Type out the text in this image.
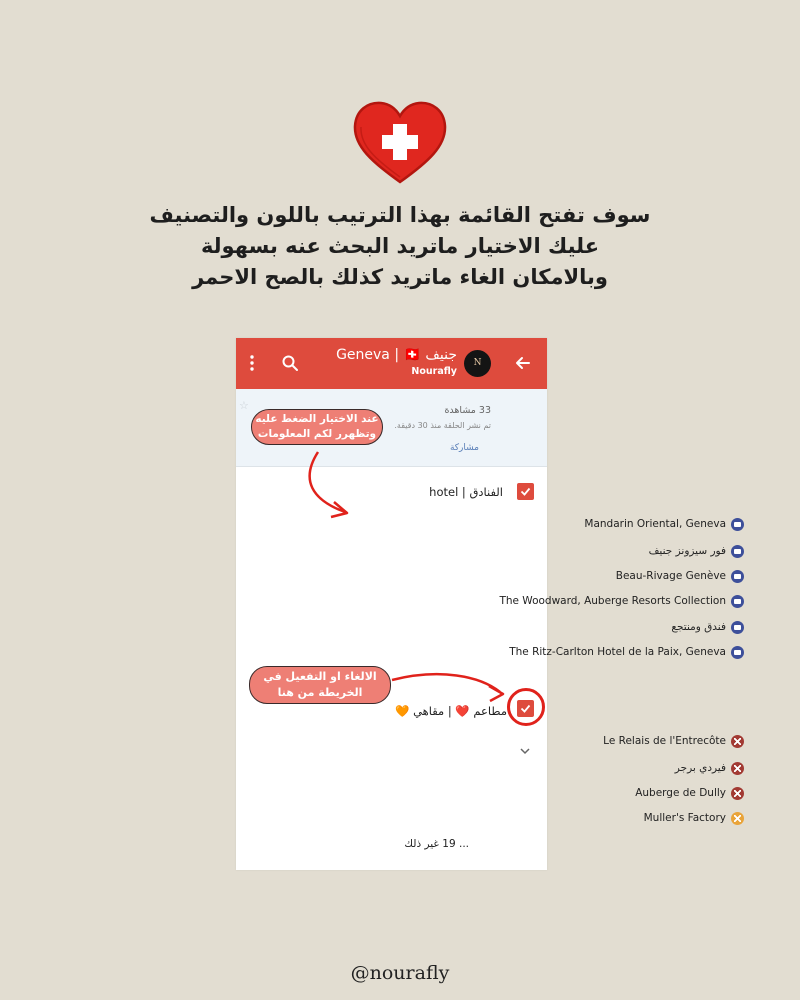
سوف تفتح القائمة بهذا الترتيب باللون والتصنيف
عليك الاختيار ماتريد البحث عنه بسهولة
وبالامكان الغاء ماتريد كذلك بالصح الاحمر
N
Geneva | 🇨🇭 جنيف
Nourafly
☆	33 مشاهدة
تم نشر الحلقة منذ 30 دقيقة.
مشاركة
الفنادق | hotel
Mandarin Oriental, Geneva
فور سيزونز جنيف
Beau-Rivage Genève
The Woodward, Auberge Resorts Collection
فندق ومنتجع
The Ritz-Carlton Hotel de la Paix, Geneva
مطاعم ❤️ | مقاهي 🧡
Le Relais de l'Entrecôte
فيردي برجر
Auberge de Dully
Muller's Factory
... 19 غير ذلك
عند الاختيار الضغط عليه وتظهرر لكم المعلومات
الالغاء او التفعيل في الخريطة من هنا
@nourafly
